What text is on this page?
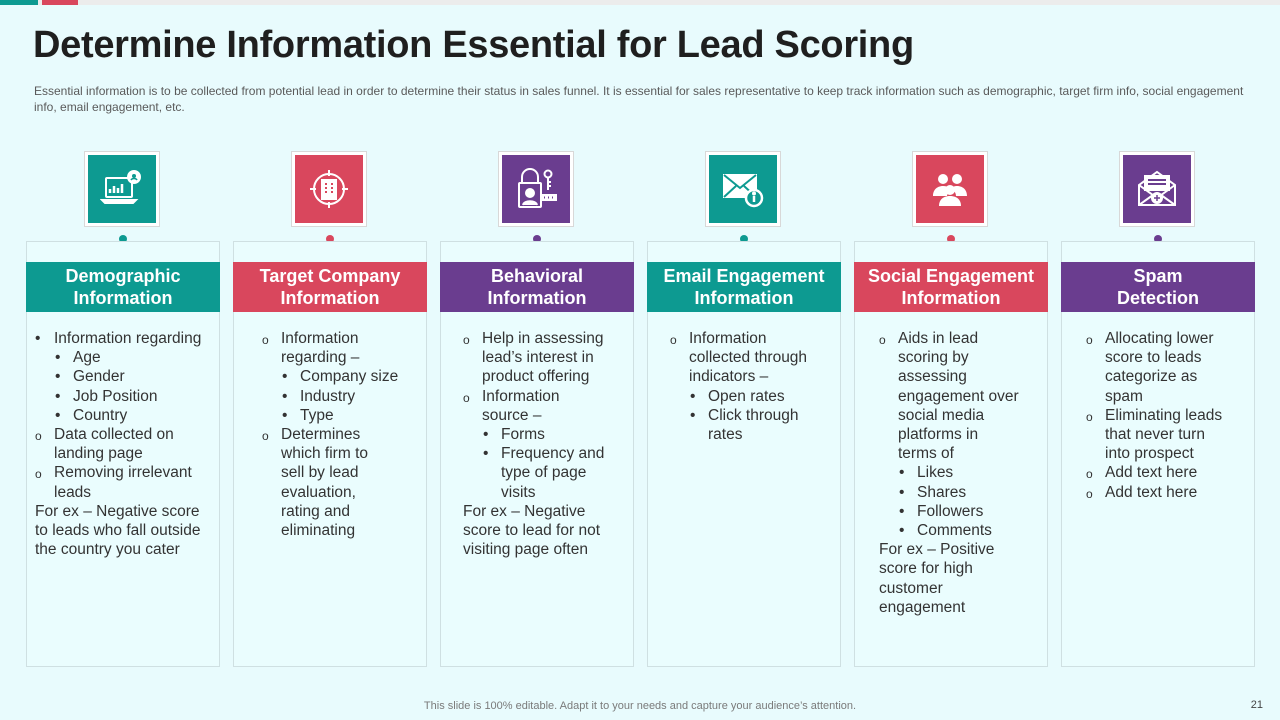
Determine Information Essential for Lead Scoring

Essential information is to be collected from potential lead in order to determine their status in sales funnel. It is essential for sales representative to keep track information such as demographic, target firm info, social engagement info, email engagement, etc.

Demographic
Information
• Information regarding
• Age
• Gender
• Job Position
• Country
o Data collected on
landing page
o Removing irrelevant
leads
For ex – Negative score
to leads who fall outside
the country you cater
Target Company
Information
o Information
regarding –
• Company size
• Industry
• Type
o Determines
which firm to
sell by lead
evaluation,
rating and
eliminating
Behavioral
Information
o Help in assessing
lead’s interest in
product offering
o Information
source –
• Forms
• Frequency and
type of page
visits
For ex – Negative
score to lead for not
visiting page often
Email Engagement
Information
o Information
collected through
indicators –
• Open rates
• Click through
rates
Social Engagement
Information
o Aids in lead
scoring by
assessing
engagement over
social media
platforms in
terms of
• Likes
• Shares
• Followers
• Comments
For ex – Positive
score for high
customer
engagement
Spam
Detection
o Allocating lower
score to leads
categorize as
spam
o Eliminating leads
that never turn
into prospect
o Add text here
o Add text here
This slide is 100% editable. Adapt it to your needs and capture your audience’s attention.	21
